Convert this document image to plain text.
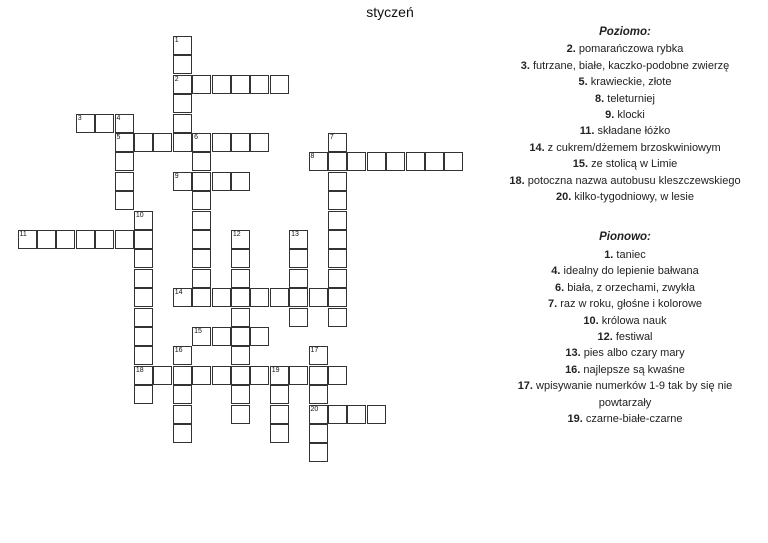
styczeń
1
2
3	4
5	6	7
8
9
10
18
11	12	13
14
15
16	17
20
19
Poziomo:
2. pomarańczowa rybka
3. futrzane, białe, kaczko-podobne zwierzę
5. krawieckie, złote
8. teleturniej
9. klocki
11. składane łóżko
14. z cukrem/dżemem brzoskwiniowym
15. ze stolicą w Limie
18. potoczna nazwa autobusu kleszczewskiego
20. kilko-tygodniowy, w lesie
Pionowo:
1. taniec
4. idealny do lepienie bałwana
6. biała, z orzechami, zwykła
7. raz w roku, głośne i kolorowe
10. królowa nauk
12. festiwal
13. pies albo czary mary
16. najlepsze są kwaśne
17. wpisywanie numerków 1-9 tak by się nie powtarzały
19. czarne-białe-czarne
